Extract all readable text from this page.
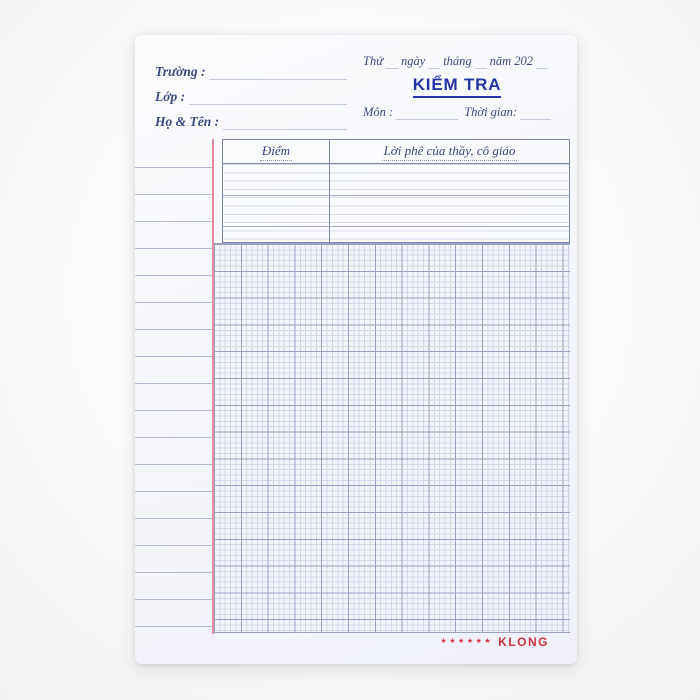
Trường :
Lớp :
Họ & Tên :
Thứ ngày tháng năm 202
KIỂM TRA
Môn :	Thời gian:
Điểm	Lời phê của thầy, cô giáo
★★★★★★ KLONG
